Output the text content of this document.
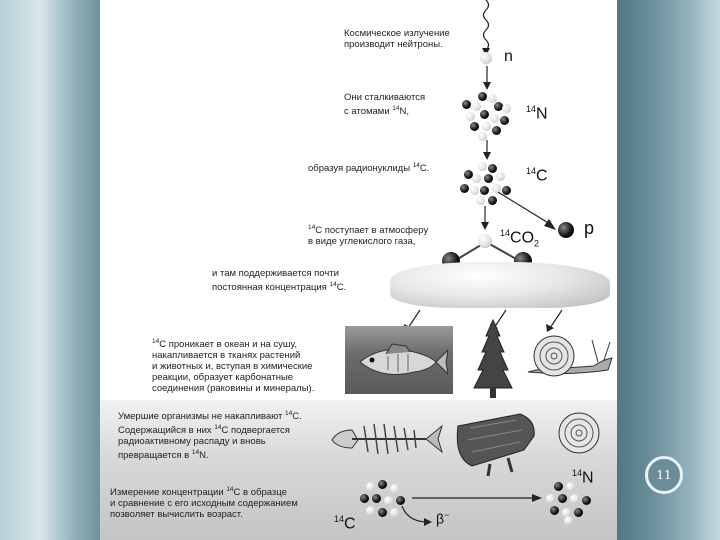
Космическое излучение
производит нейтроны.
n
Они сталкиваются
с атомами $^{14}$N,	$^{14}$N
образуя радионуклиды $^{14}$C.	$^{14}$C
p
$^{14}$C поступает в атмосферу
в виде углекислого газа,
$^{14}CO_2$
и там поддерживается почти
постоянная концентрация $^{14}$C.
$^{14}$C проникает в океан и на сушу,
накапливается в тканях растений
и животных и, вступая в химические
реакции, образует карбонатные
соединения (раковины и минералы).
Умершие организмы не накапливают $^{14}$C.
Содержащийся в них $^{14}$C подвергается
радиоактивному распаду и вновь
превращается в $^{14}$N.
Измерение концентрации $^{14}$C в образце
и сравнение с его исходным содержанием
позволяет вычислить возраст.	$^{14}$C	β−
$^{14}$N	11
